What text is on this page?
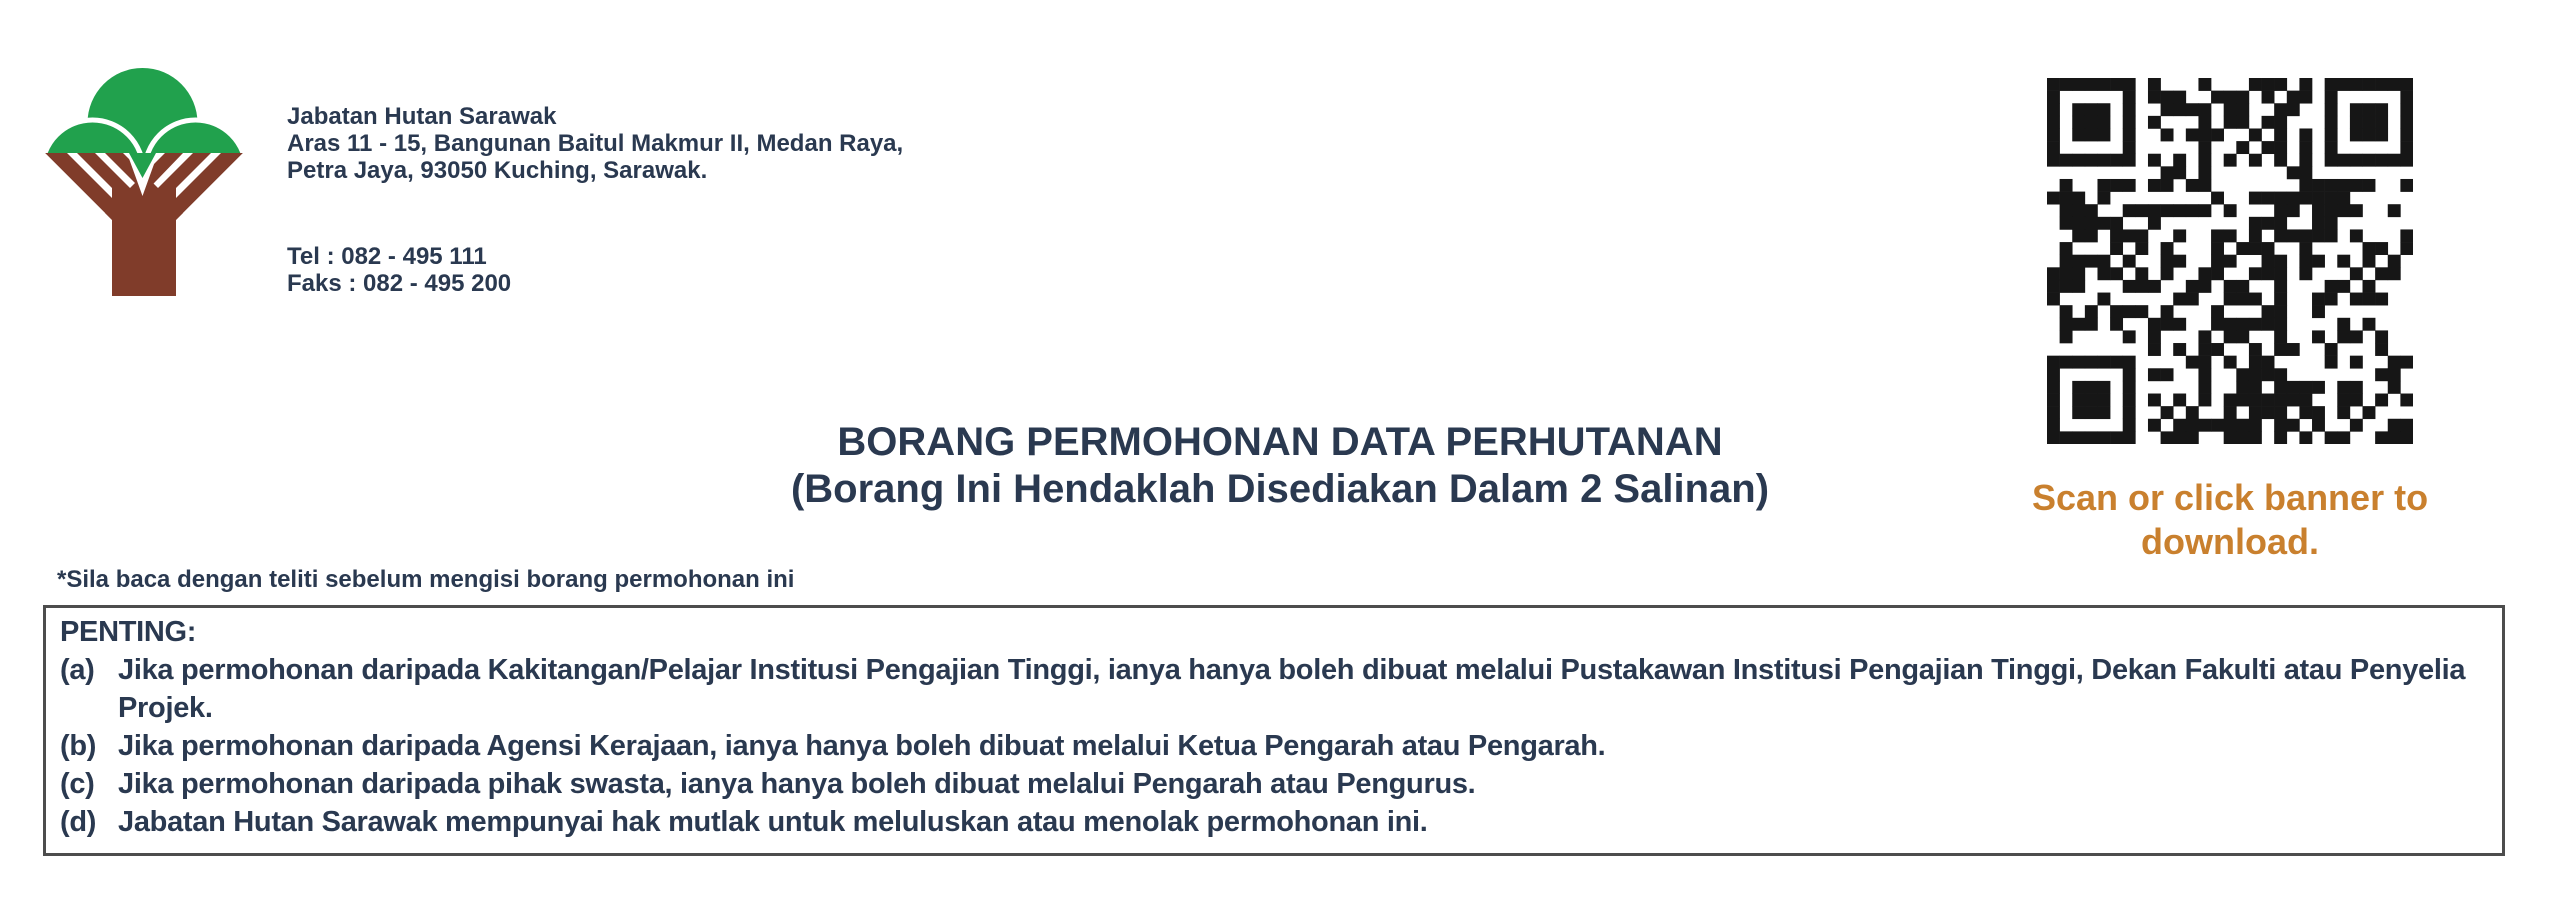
Jabatan Hutan Sarawak
Aras 11 - 15, Bangunan Baitul Makmur II, Medan Raya,
Petra Jaya, 93050 Kuching, Sarawak.
Tel : 082 - 495 111
Faks : 082 - 495 200
BORANG PERMOHONAN DATA PERHUTANAN
(Borang Ini Hendaklah Disediakan Dalam 2 Salinan)	Scan or click banner to download.
*Sila baca dengan teliti sebelum mengisi borang permohonan ini
PENTING:
(a) Jika permohonan daripada Kakitangan/Pelajar Institusi Pengajian Tinggi, ianya hanya boleh dibuat melalui Pustakawan Institusi Pengajian Tinggi, Dekan Fakulti atau Penyelia Projek.
(b) Jika permohonan daripada Agensi Kerajaan, ianya hanya boleh dibuat melalui Ketua Pengarah atau Pengarah.
(c) Jika permohonan daripada pihak swasta, ianya hanya boleh dibuat melalui Pengarah atau Pengurus.
(d) Jabatan Hutan Sarawak mempunyai hak mutlak untuk meluluskan atau menolak permohonan ini.
